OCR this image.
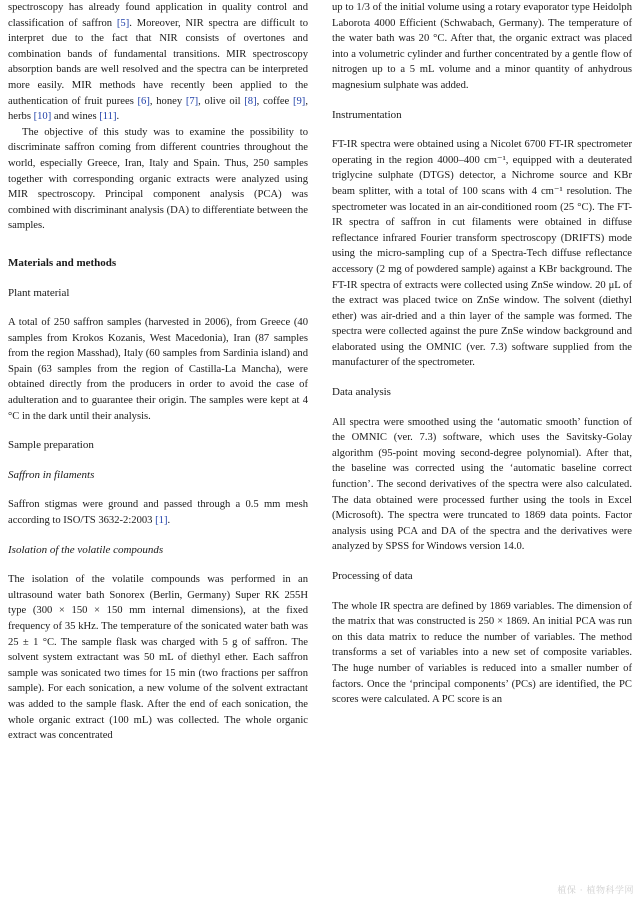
spectroscopy has already found application in quality control and classification of saffron [5]. Moreover, NIR spectra are difficult to interpret due to the fact that NIR consists of overtones and combination bands of fundamental transitions. MIR spectroscopy absorption bands are well resolved and the spectra can be interpreted more easily. MIR methods have recently been applied to the authentication of fruit purees [6], honey [7], olive oil [8], coffee [9], herbs [10] and wines [11].

The objective of this study was to examine the possibility to discriminate saffron coming from different countries throughout the world, especially Greece, Iran, Italy and Spain. Thus, 250 samples together with corresponding organic extracts were analyzed using MIR spectroscopy. Principal component analysis (PCA) was combined with discriminant analysis (DA) to differentiate between the samples.

Materials and methods
Plant material

A total of 250 saffron samples (harvested in 2006), from Greece (40 samples from Krokos Kozanis, West Macedonia), Iran (87 samples from the region Masshad), Italy (60 samples from Sardinia island) and Spain (63 samples from the region of Castilla-La Mancha), were obtained directly from the producers in order to avoid the case of adulteration and to guarantee their origin. The samples were kept at 4 °C in the dark until their analysis.

Sample preparation
Saffron in filaments

Saffron stigmas were ground and passed through a 0.5 mm mesh according to ISO/TS 3632-2:2003 [1].

Isolation of the volatile compounds

The isolation of the volatile compounds was performed in an ultrasound water bath Sonorex (Berlin, Germany) Super RK 255H type (300 × 150 × 150 mm internal dimensions), at the fixed frequency of 35 kHz. The temperature of the sonicated water bath was 25 ± 1 °C. The sample flask was charged with 5 g of saffron. The solvent system extractant was 50 mL of diethyl ether. Each saffron sample was sonicated two times for 15 min (two fractions per saffron sample). For each sonication, a new volume of the solvent extractant was added to the sample flask. After the end of each sonication, the whole organic extract (100 mL) was collected. The whole organic extract was concentrated

up to 1/3 of the initial volume using a rotary evaporator type Heidolph Laborota 4000 Efficient (Schwabach, Germany). The temperature of the water bath was 20 °C. After that, the organic extract was placed into a volumetric cylinder and further concentrated by a gentle flow of nitrogen up to a 5 mL volume and a minor quantity of anhydrous magnesium sulphate was added.

Instrumentation

FT-IR spectra were obtained using a Nicolet 6700 FT-IR spectrometer operating in the region 4000–400 cm⁻¹, equipped with a deuterated triglycine sulphate (DTGS) detector, a Nichrome source and KBr beam splitter, with a total of 100 scans with 4 cm⁻¹ resolution. The spectrometer was located in an air-conditioned room (25 °C). The FT-IR spectra of saffron in cut filaments were obtained in diffuse reflectance infrared Fourier transform spectroscopy (DRIFTS) mode using the micro-sampling cup of a Spectra-Tech diffuse reflectance accessory (2 mg of powdered sample) against a KBr background. The FT-IR spectra of extracts were collected using ZnSe window. 20 μL of the extract was placed twice on ZnSe window. The solvent (diethyl ether) was air-dried and a thin layer of the sample was formed. The spectra were collected against the pure ZnSe window background and elaborated using the OMNIC (ver. 7.3) software supplied from the manufacturer of the spectrometer.

Data analysis

All spectra were smoothed using the ‘automatic smooth’ function of the OMNIC (ver. 7.3) software, which uses the Savitsky-Golay algorithm (95-point moving second-degree polynomial). After that, the baseline was corrected using the ‘automatic baseline correct function’. The second derivatives of the spectra were also calculated. The data obtained were processed further using the tools in Excel (Microsoft). The spectra were truncated to 1869 data points. Factor analysis using PCA and DA of the spectra and the derivatives were analyzed by SPSS for Windows version 14.0.

Processing of data

The whole IR spectra are defined by 1869 variables. The dimension of the matrix that was constructed is 250 × 1869. An initial PCA was run on this data matrix to reduce the number of variables. The method transforms a set of variables into a new set of composite variables. The huge number of variables is reduced into a smaller number of factors. Once the ‘principal components’ (PCs) are identified, the PC scores were calculated. A PC score is an

植保 · 植物科学网
